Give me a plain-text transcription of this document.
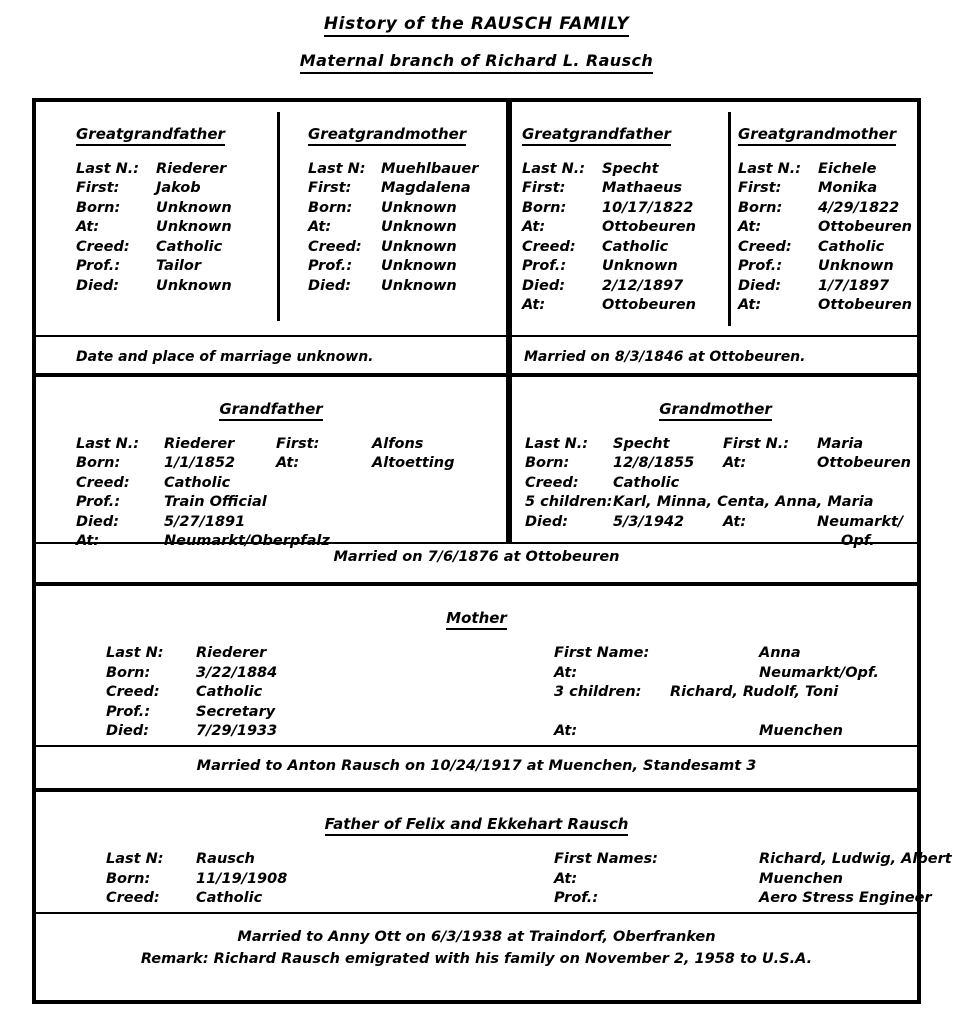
History of the RAUSCH FAMILY
Maternal branch of Richard L. Rausch
Greatgrandfather
Last N.:	Riederer
First:	Jakob
Born:	Unknown
At:	Unknown
Creed:	Catholic
Prof.:	Tailor
Died:	Unknown
Greatgrandmother
Last N:	Muehlbauer
First:	Magdalena
Born:	Unknown
At:	Unknown
Creed:	Unknown
Prof.:	Unknown
Died:	Unknown
Greatgrandfather
Last N.:	Specht
First:	Mathaeus
Born:	10/17/1822
At:	Ottobeuren
Creed:	Catholic
Prof.:	Unknown
Died:	2/12/1897
At:	Ottobeuren
Greatgrandmother
Last N.:	Eichele
First:	Monika
Born:	4/29/1822
At:	Ottobeuren
Creed:	Catholic
Prof.:	Unknown
Died:	1/7/1897
At:	Ottobeuren
Date and place of marriage unknown.	Married on 8/3/1846 at Ottobeuren.
Grandfather
Last N.:	Riederer	First:	Alfons
Born:	1/1/1852	At:	Altoetting
Creed:	Catholic
Prof.:	Train Official
Died:	5/27/1891
At:	Neumarkt/Oberpfalz
Grandmother
Last N.:	Specht	First N.:	Maria
Born:	12/8/1855	At:	Ottobeuren
Creed:	Catholic
5 children: Karl, Minna, Centa, Anna, Maria
Died:	5/3/1942	At:	Neumarkt/
Opf.
Married on 7/6/1876 at Ottobeuren
Mother
Last N:	Riederer
Born:	3/22/1884
Creed:	Catholic
Prof.:	Secretary
Died:	7/29/1933
First Name:	Anna
At:	Neumarkt/Opf.
3 children:	Richard, Rudolf, Toni
At:	Muenchen
Married to Anton Rausch on 10/24/1917 at Muenchen, Standesamt 3
Father of Felix and Ekkehart Rausch
Last N:	Rausch
Born:	11/19/1908
Creed:	Catholic
First Names:	Richard, Ludwig, Albert
At:	Muenchen
Prof.:	Aero Stress Engineer
Married to Anny Ott on 6/3/1938 at Traindorf, Oberfranken
Remark: Richard Rausch emigrated with his family on November 2, 1958 to U.S.A.
